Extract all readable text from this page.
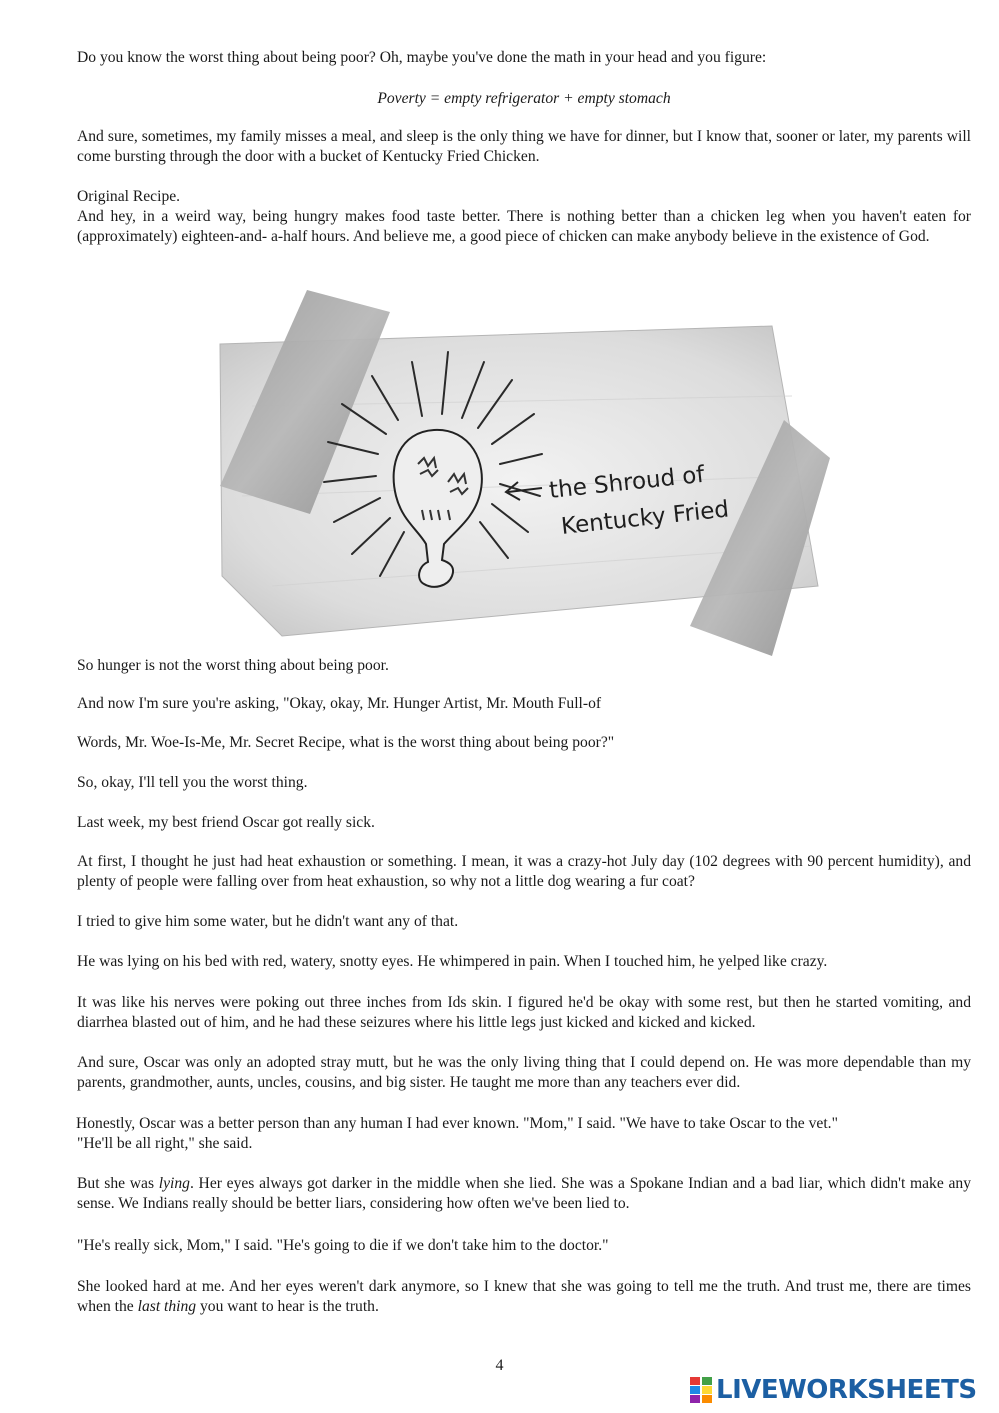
Do you know the worst thing about being poor? Oh, maybe you've done the math in your head and you figure:

Poverty = empty refrigerator + empty stomach

And sure, sometimes, my family misses a meal, and sleep is the only thing we have for dinner, but I know that, sooner or later, my parents will come bursting through the door with a bucket of Kentucky Fried Chicken.

Original Recipe.

And hey, in a weird way, being hungry makes food taste better. There is nothing better than a chicken leg when you haven't eaten for (approximately) eighteen-and- a-half hours. And believe me, a good piece of chicken can make anybody believe in the existence of God.

the Shroud of
Kentucky Fried

So hunger is not the worst thing about being poor.

And now I'm sure you're asking, "Okay, okay, Mr. Hunger Artist, Mr. Mouth Full-of

Words, Mr. Woe-Is-Me, Mr. Secret Recipe, what is the worst thing about being poor?"

So, okay, I'll tell you the worst thing.

Last week, my best friend Oscar got really sick.

At first, I thought he just had heat exhaustion or something. I mean, it was a crazy-hot July day (102 degrees with 90 percent humidity), and plenty of people were falling over from heat exhaustion, so why not a little dog wearing a fur coat?

I tried to give him some water, but he didn't want any of that.

He was lying on his bed with red, watery, snotty eyes. He whimpered in pain. When I touched him, he yelped like crazy.

It was like his nerves were poking out three inches from Ids skin. I figured he'd be okay with some rest, but then he started vomiting, and diarrhea blasted out of him, and he had these seizures where his little legs just kicked and kicked and kicked.

And sure, Oscar was only an adopted stray mutt, but he was the only living thing that I could depend on. He was more dependable than my parents, grandmother, aunts, uncles, cousins, and big sister. He taught me more than any teachers ever did.

Honestly, Oscar was a better person than any human I had ever known. "Mom," I said. "We have to take Oscar to the vet."

"He'll be all right," she said.

But she was lying. Her eyes always got darker in the middle when she lied. She was a Spokane Indian and a bad liar, which didn't make any sense. We Indians really should be better liars, considering how often we've been lied to.

"He's really sick, Mom," I said. "He's going to die if we don't take him to the doctor."

She looked hard at me. And her eyes weren't dark anymore, so I knew that she was going to tell me the truth. And trust me, there are times when the last thing you want to hear is the truth.

4

LIVEWORKSHEETS
